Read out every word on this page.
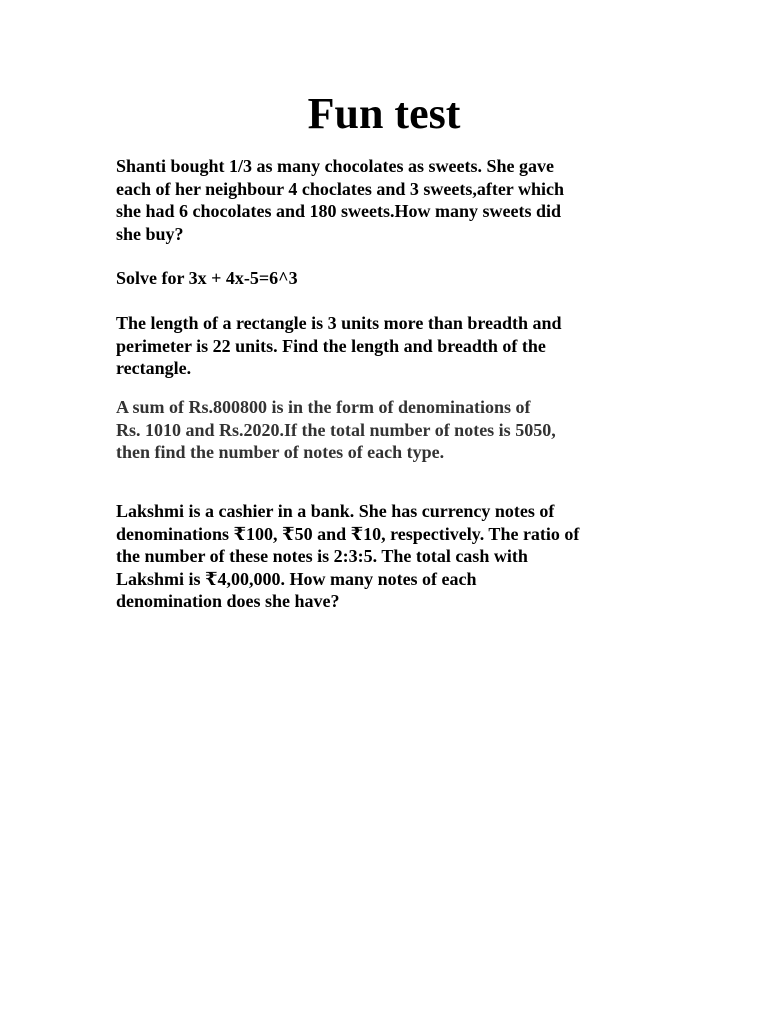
Fun test

Shanti bought 1/3 as many chocolates as sweets. She gave
each of her neighbour 4 choclates and 3 sweets,after which
she had 6 chocolates and 180 sweets.How many sweets did
she buy?

Solve for 3x + 4x-5=6^3

The length of a rectangle is 3 units more than breadth and
perimeter is 22 units. Find the length and breadth of the
rectangle.

A sum of Rs.800800 is in the form of denominations of
Rs. 1010 and Rs.2020.If the total number of notes is 5050,
then find the number of notes of each type.

Lakshmi is a cashier in a bank. She has currency notes of
denominations ₹100, ₹50 and ₹10, respectively. The ratio of
the number of these notes is 2:3:5. The total cash with
Lakshmi is ₹4,00,000. How many notes of each
denomination does she have?
